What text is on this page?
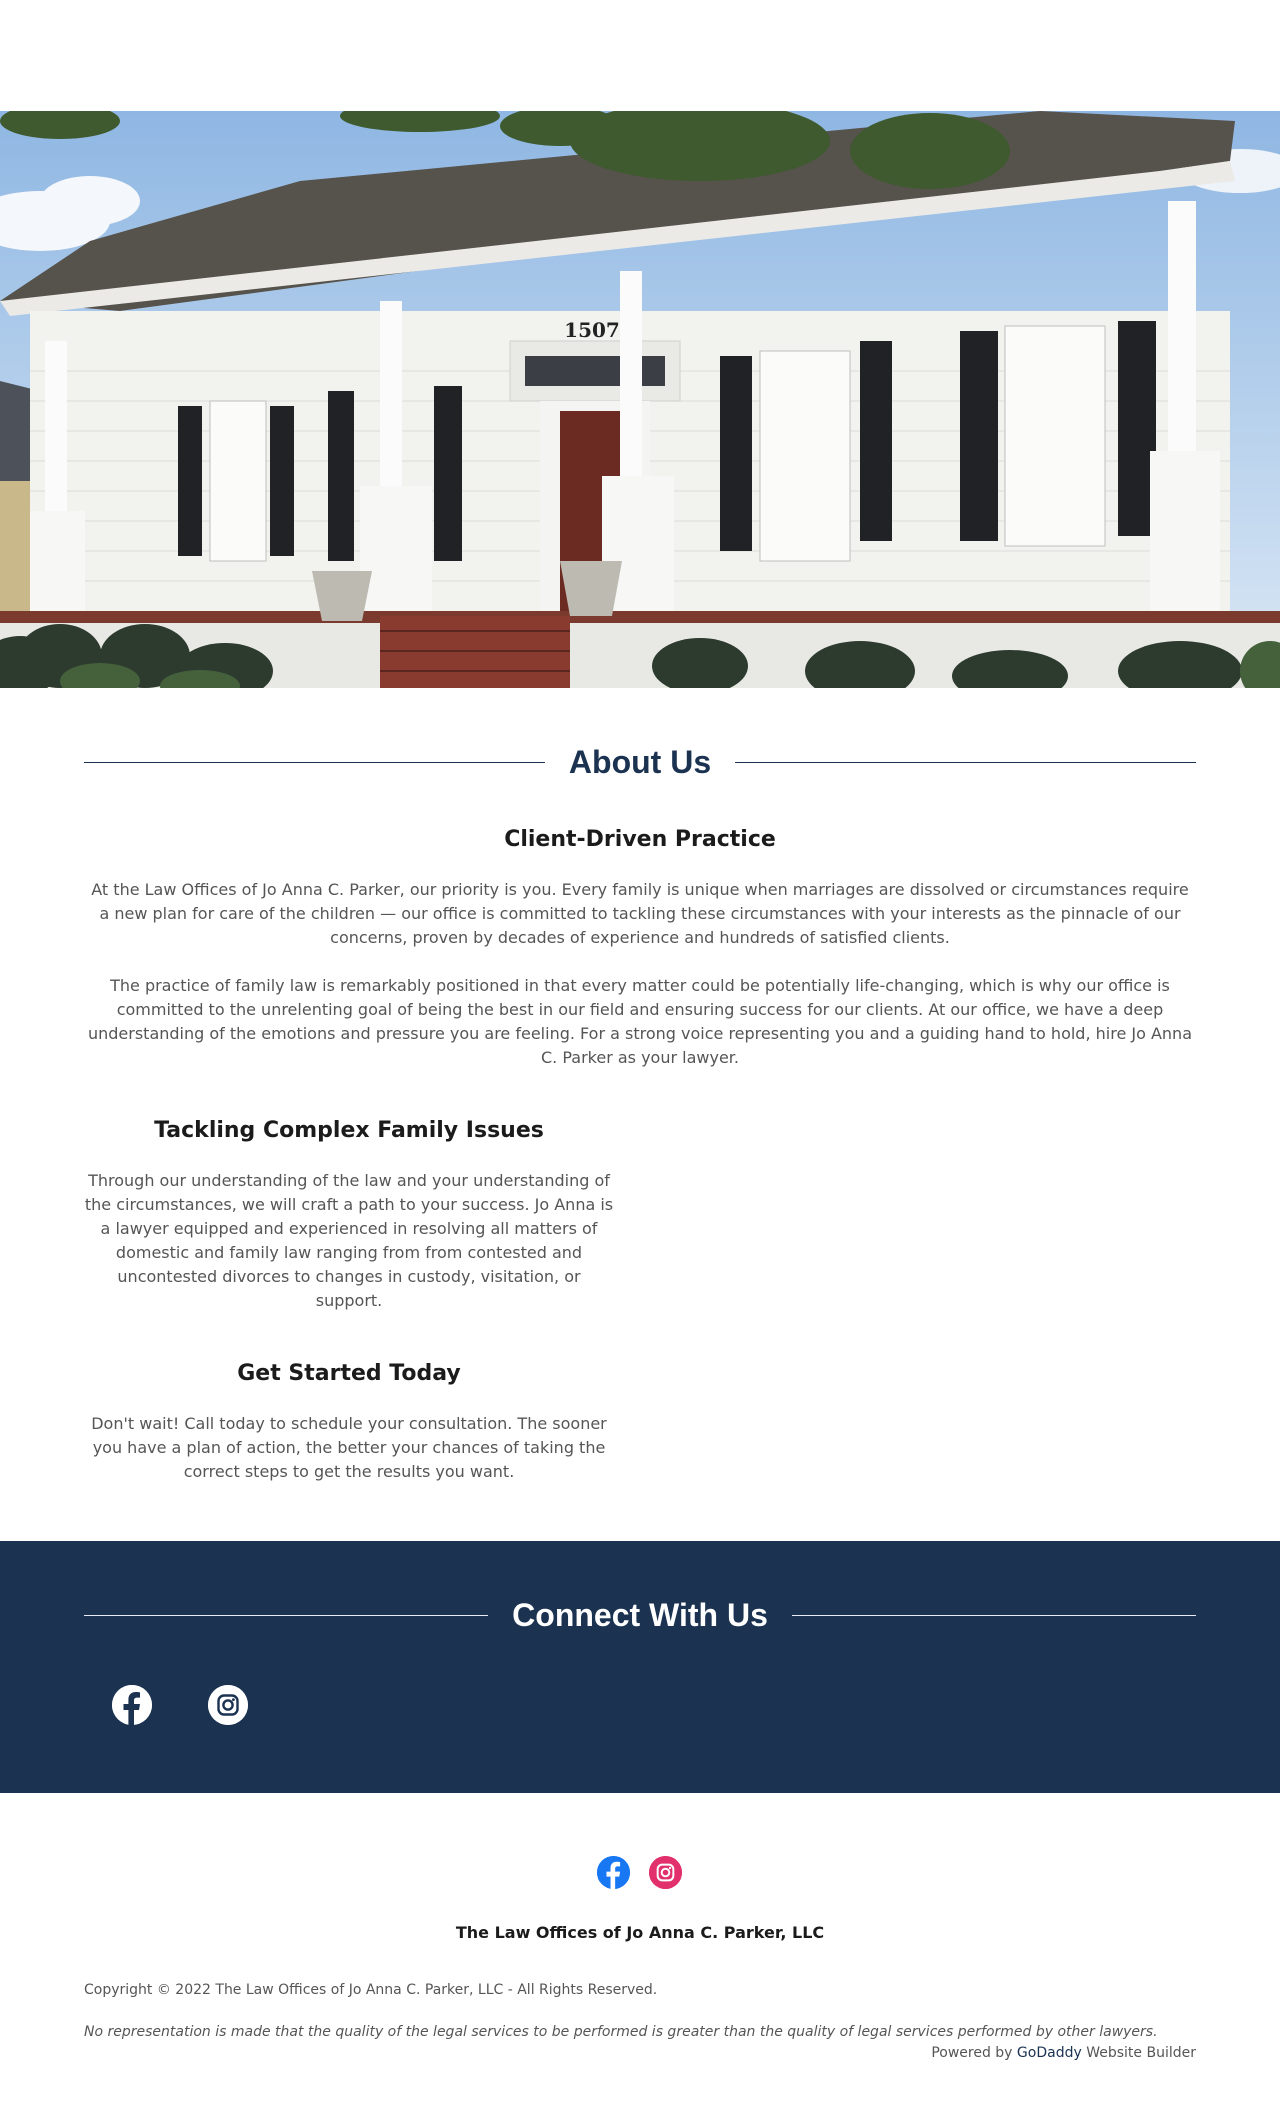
1507
About Us
Client-Driven Practice

At the Law Offices of Jo Anna C. Parker, our priority is you. Every family is unique when marriages are dissolved or circumstances require a new plan for care of the children — our office is committed to tackling these circumstances with your interests as the pinnacle of our concerns, proven by decades of experience and hundreds of satisfied clients.

The practice of family law is remarkably positioned in that every matter could be potentially life-changing, which is why our office is committed to the unrelenting goal of being the best in our field and ensuring success for our clients. At our office, we have a deep understanding of the emotions and pressure you are feeling. For a strong voice representing you and a guiding hand to hold, hire Jo Anna C. Parker as your lawyer.

Tackling Complex Family Issues

Through our understanding of the law and your understanding of the circumstances, we will craft a path to your success. Jo Anna is a lawyer equipped and experienced in resolving all matters of domestic and family law ranging from from contested and uncontested divorces to changes in custody, visitation, or support.

Get Started Today

Don't wait! Call today to schedule your consultation. The sooner you have a plan of action, the better your chances of taking the correct steps to get the results you want.

Connect With Us
The Law Offices of Jo Anna C. Parker, LLC

Copyright © 2022 The Law Offices of Jo Anna C. Parker, LLC - All Rights Reserved.

No representation is made that the quality of the legal services to be performed is greater than the quality of legal services performed by other lawyers.

Powered by GoDaddy Website Builder
